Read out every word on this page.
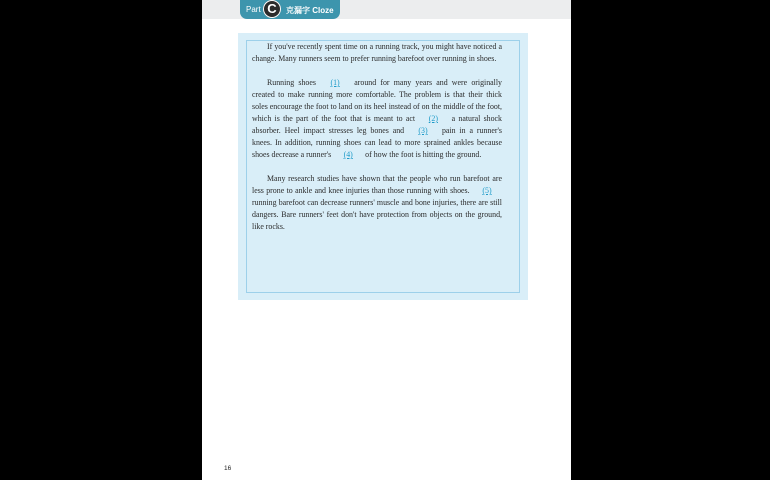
Part C	克漏字 Cloze

If you've recently spent time on a running track, you might have noticed a change. Many runners seem to prefer running barefoot over running in shoes.

Running shoes (1) around for many years and were originally created to make running more comfortable. The problem is that their thick soles encourage the foot to land on its heel instead of on the middle of the foot, which is the part of the foot that is meant to act (2) a natural shock absorber. Heel impact stresses leg bones and (3) pain in a runner's knees. In addition, running shoes can lead to more sprained ankles because shoes decrease a runner's (4) of how the foot is hitting the ground.

Many research studies have shown that the people who run barefoot are less prone to ankle and knee injuries than those running with shoes. (5) running barefoot can decrease runners' muscle and bone injuries, there are still dangers. Bare runners' feet don't have protection from objects on the ground, like rocks.

16
